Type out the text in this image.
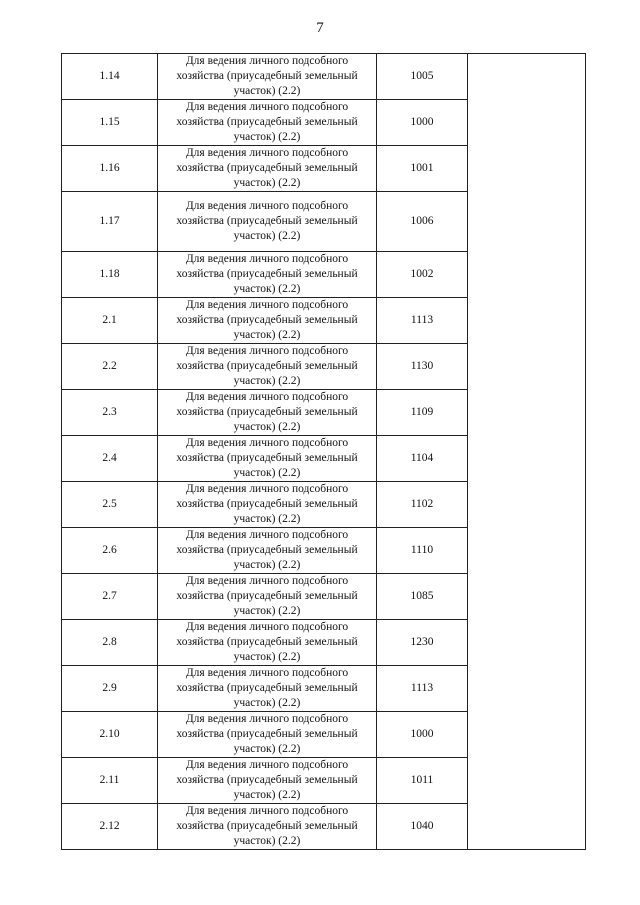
7
1.14	Для ведения личного подсобного хозяйства (приусадебный земельный участок) (2.2)	1005	
1.15	Для ведения личного подсобного хозяйства (приусадебный земельный участок) (2.2)	1000	
1.16	Для ведения личного подсобного хозяйства (приусадебный земельный участок) (2.2)	1001	
1.17	Для ведения личного подсобного хозяйства (приусадебный земельный участок) (2.2)	1006	
1.18	Для ведения личного подсобного хозяйства (приусадебный земельный участок) (2.2)	1002	
2.1	Для ведения личного подсобного хозяйства (приусадебный земельный участок) (2.2)	1113	
2.2	Для ведения личного подсобного хозяйства (приусадебный земельный участок) (2.2)	1130	
2.3	Для ведения личного подсобного хозяйства (приусадебный земельный участок) (2.2)	1109	
2.4	Для ведения личного подсобного хозяйства (приусадебный земельный участок) (2.2)	1104	
2.5	Для ведения личного подсобного хозяйства (приусадебный земельный участок) (2.2)	1102	
2.6	Для ведения личного подсобного хозяйства (приусадебный земельный участок) (2.2)	1110	
2.7	Для ведения личного подсобного хозяйства (приусадебный земельный участок) (2.2)	1085	
2.8	Для ведения личного подсобного хозяйства (приусадебный земельный участок) (2.2)	1230	
2.9	Для ведения личного подсобного хозяйства (приусадебный земельный участок) (2.2)	1113	
2.10	Для ведения личного подсобного хозяйства (приусадебный земельный участок) (2.2)	1000	
2.11	Для ведения личного подсобного хозяйства (приусадебный земельный участок) (2.2)	1011	
2.12	Для ведения личного подсобного хозяйства (приусадебный земельный участок) (2.2)	1040	
